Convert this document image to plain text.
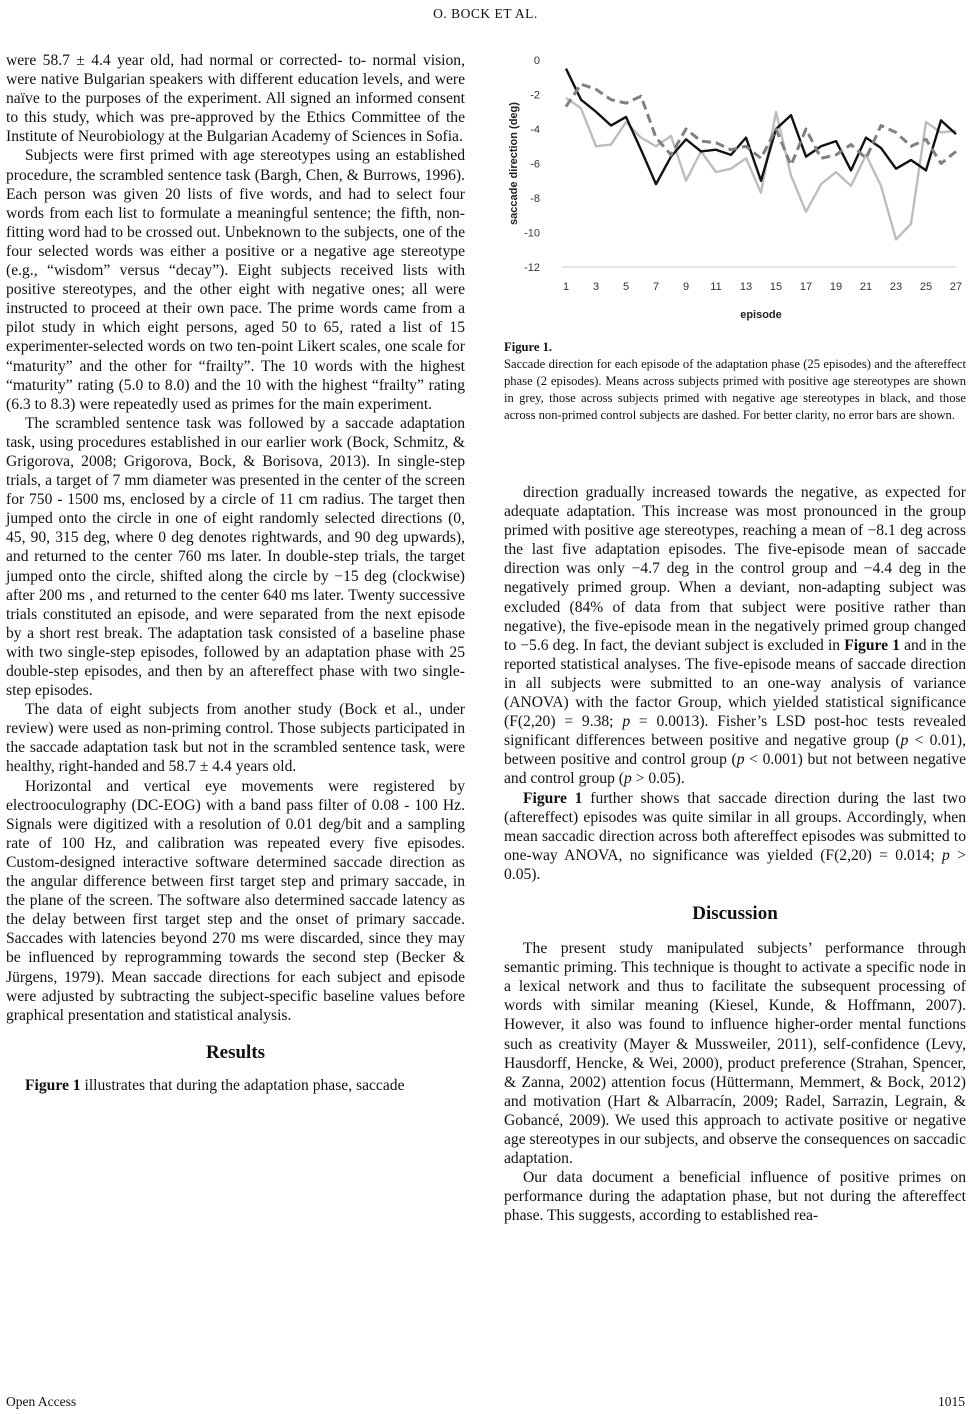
O. BOCK ET AL.

were 58.7 ± 4.4 year old, had normal or corrected- to- normal vision, were native Bulgarian speakers with different education levels, and were naïve to the purposes of the experiment. All signed an informed consent to this study, which was pre-approved by the Ethics Committee of the Institute of Neurobiology at the Bulgarian Academy of Sciences in Sofia.

Subjects were first primed with age stereotypes using an established procedure, the scrambled sentence task (Bargh, Chen, & Burrows, 1996). Each person was given 20 lists of five words, and had to select four words from each list to formulate a meaningful sentence; the fifth, non-fitting word had to be crossed out. Unbeknown to the subjects, one of the four selected words was either a positive or a negative age stereotype (e.g., “wisdom” versus “decay”). Eight subjects received lists with positive stereotypes, and the other eight with negative ones; all were instructed to proceed at their own pace. The prime words came from a pilot study in which eight persons, aged 50 to 65, rated a list of 15 experimenter-selected words on two ten-point Likert scales, one scale for “maturity” and the other for “frailty”. The 10 words with the highest “maturity” rating (5.0 to 8.0) and the 10 with the highest “frailty” rating (6.3 to 8.3) were repeatedly used as primes for the main experiment.

The scrambled sentence task was followed by a saccade adaptation task, using procedures established in our earlier work (Bock, Schmitz, & Grigorova, 2008; Grigorova, Bock, & Borisova, 2013). In single-step trials, a target of 7 mm diameter was presented in the center of the screen for 750 - 1500 ms, enclosed by a circle of 11 cm radius. The target then jumped onto the circle in one of eight randomly selected directions (0, 45, 90, 315 deg, where 0 deg denotes rightwards, and 90 deg upwards), and returned to the center 760 ms later. In double-step trials, the target jumped onto the circle, shifted along the circle by −15 deg (clockwise) after 200 ms , and returned to the center 640 ms later. Twenty successive trials constituted an episode, and were separated from the next episode by a short rest break. The adaptation task consisted of a baseline phase with two single-step episodes, followed by an adaptation phase with 25 double-step episodes, and then by an aftereffect phase with two single-step episodes.

The data of eight subjects from another study (Bock et al., under review) were used as non-priming control. Those subjects participated in the saccade adaptation task but not in the scrambled sentence task, were healthy, right-handed and 58.7 ± 4.4 years old.

Horizontal and vertical eye movements were registered by electrooculography (DC-EOG) with a band pass filter of 0.08 - 100 Hz. Signals were digitized with a resolution of 0.01 deg/bit and a sampling rate of 100 Hz, and calibration was repeated every five episodes. Custom-designed interactive software determined saccade direction as the angular difference between first target step and primary saccade, in the plane of the screen. The software also determined saccade latency as the delay between first target step and the onset of primary saccade. Saccades with latencies beyond 270 ms were discarded, since they may be influenced by reprogramming towards the second step (Becker & Jürgens, 1979). Mean saccade directions for each subject and episode were adjusted by subtracting the subject-specific baseline values before graphical presentation and statistical analysis.

Results

Figure 1 illustrates that during the adaptation phase, saccade

0
-2
-4
-6
-8
-10
-12
1 3 5 7 9 11 13 15 17 19 21 23 25 27
episode
saccade direction (deg)
Figure 1.
Saccade direction for each episode of the adaptation phase (25 episodes) and the aftereffect phase (2 episodes). Means across subjects primed with positive age stereotypes are shown in grey, those across subjects primed with negative age stereotypes in black, and those across non-primed control subjects are dashed. For better clarity, no error bars are shown.

direction gradually increased towards the negative, as expected for adequate adaptation. This increase was most pronounced in the group primed with positive age stereotypes, reaching a mean of −8.1 deg across the last five adaptation episodes. The five-episode mean of saccade direction was only −4.7 deg in the control group and −4.4 deg in the negatively primed group. When a deviant, non-adapting subject was excluded (84% of data from that subject were positive rather than negative), the five-episode mean in the negatively primed group changed to −5.6 deg. In fact, the deviant subject is excluded in Figure 1 and in the reported statistical analyses. The five-episode means of saccade direction in all subjects were submitted to an one-way analysis of variance (ANOVA) with the factor Group, which yielded statistical significance (F(2,20) = 9.38; p = 0.0013). Fisher’s LSD post-hoc tests revealed significant differences between positive and negative group (p < 0.01), between positive and control group (p < 0.001) but not between negative and control group (p > 0.05).

Figure 1 further shows that saccade direction during the last two (aftereffect) episodes was quite similar in all groups. Accordingly, when mean saccadic direction across both aftereffect episodes was submitted to one-way ANOVA, no significance was yielded (F(2,20) = 0.014; p > 0.05).

Discussion

The present study manipulated subjects’ performance through semantic priming. This technique is thought to activate a specific node in a lexical network and thus to facilitate the subsequent processing of words with similar meaning (Kiesel, Kunde, & Hoffmann, 2007). However, it also was found to influence higher-order mental functions such as creativity (Mayer & Mussweiler, 2011), self-confidence (Levy, Hausdorff, Hencke, & Wei, 2000), product preference (Strahan, Spencer, & Zanna, 2002) attention focus (Hüttermann, Memmert, & Bock, 2012) and motivation (Hart & Albarracín, 2009; Radel, Sarrazin, Legrain, & Gobancé, 2009). We used this approach to activate positive or negative age stereotypes in our subjects, and observe the consequences on saccadic adaptation.

Our data document a beneficial influence of positive primes on performance during the adaptation phase, but not during the aftereffect phase. This suggests, according to established rea-

Open Access	1015
